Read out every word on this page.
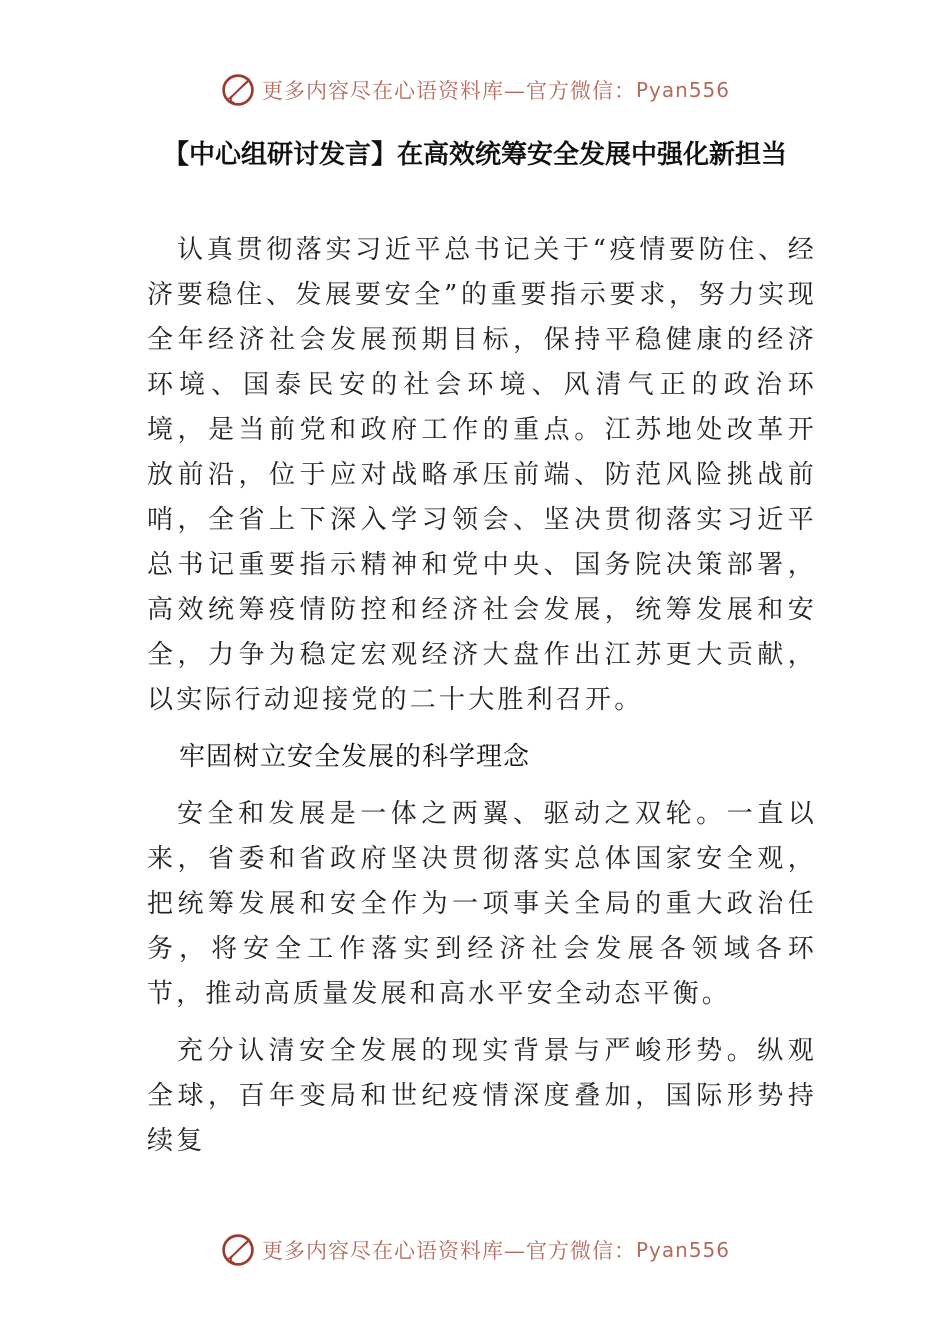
更多内容尽在心语资料库—官方微信： Pyan556
【中心组研讨发言】在高效统筹安全发展中强化新担当

认真贯彻落实习近平总书记关于“疫情要防住、经济要稳住、发展要安全”的重要指示要求，努力实现全年经济社会发展预期目标，保持平稳健康的经济环境、国泰民安的社会环境、风清气正的政治环境，是当前党和政府工作的重点。江苏地处改革开放前沿，位于应对战略承压前端、防范风险挑战前哨，全省上下深入学习领会、坚决贯彻落实习近平总书记重要指示精神和党中央、国务院决策部署，高效统筹疫情防控和经济社会发展，统筹发展和安全，力争为稳定宏观经济大盘作出江苏更大贡献，以实际行动迎接党的二十大胜利召开。

牢固树立安全发展的科学理念

安全和发展是一体之两翼、驱动之双轮。一直以来，省委和省政府坚决贯彻落实总体国家安全观，把统筹发展和安全作为一项事关全局的重大政治任务，将安全工作落实到经济社会发展各领域各环节，推动高质量发展和高水平安全动态平衡。

充分认清安全发展的现实背景与严峻形势。纵观全球，百年变局和世纪疫情深度叠加，国际形势持续复

更多内容尽在心语资料库—官方微信： Pyan556
